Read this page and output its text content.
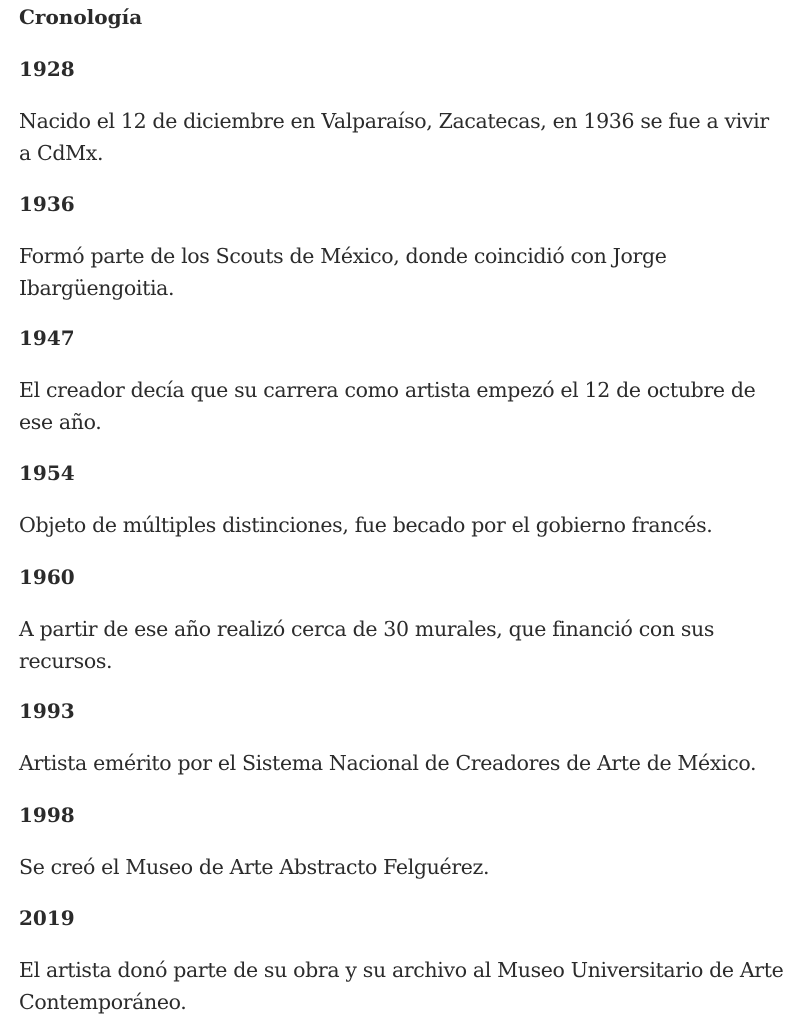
Cronología
1928

Nacido el 12 de diciembre en Valparaíso, Zacatecas, en 1936 se fue a vivir a CdMx.

1936

Formó parte de los Scouts de México, donde coincidió con Jorge Ibargüengoitia.

1947

El creador decía que su carrera como artista empezó el 12 de octubre de ese año.

1954

Objeto de múltiples distinciones, fue becado por el gobierno francés.

1960

A partir de ese año realizó cerca de 30 murales, que financió con sus recursos.

1993

Artista emérito por el Sistema Nacional de Creadores de Arte de México.

1998

Se creó el Museo de Arte Abstracto Felguérez.

2019

El artista donó parte de su obra y su archivo al Museo Universitario de Arte Contemporáneo.
